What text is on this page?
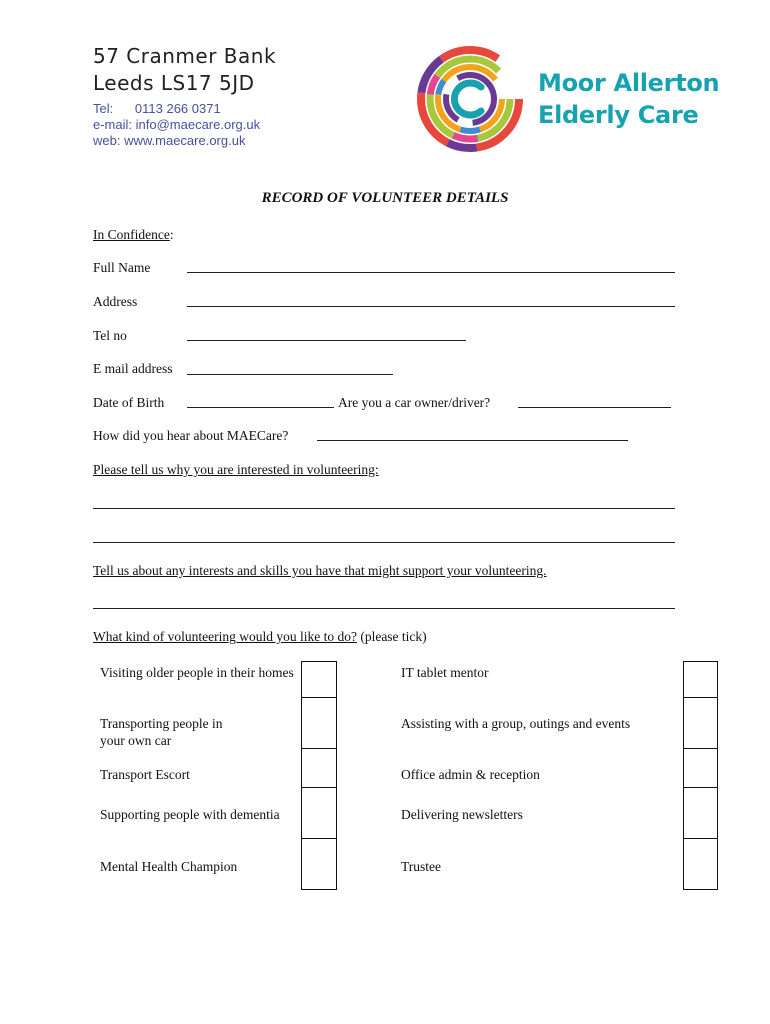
57 Cranmer Bank
Leeds LS17 5JD
Tel:      0113 266 0371
e-mail: info@maecare.org.uk
web: www.maecare.org.uk
Moor Allerton
Elderly Care
RECORD OF VOLUNTEER DETAILS
In Confidence:
Full Name
Address
Tel no
E mail address
Date of Birth	Are you a car owner/driver?
How did you hear about MAECare?
Please tell us why you are interested in volunteering:
Tell us about any interests and skills you have that might support your volunteering.
What kind of volunteering would you like to do? (please tick)
Visiting older people in their homes
Transporting people in your own car
Transport Escort
Supporting people with dementia
Mental Health Champion
IT tablet mentor
Assisting with a group, outings and events
Office admin & reception
Delivering newsletters
Trustee
